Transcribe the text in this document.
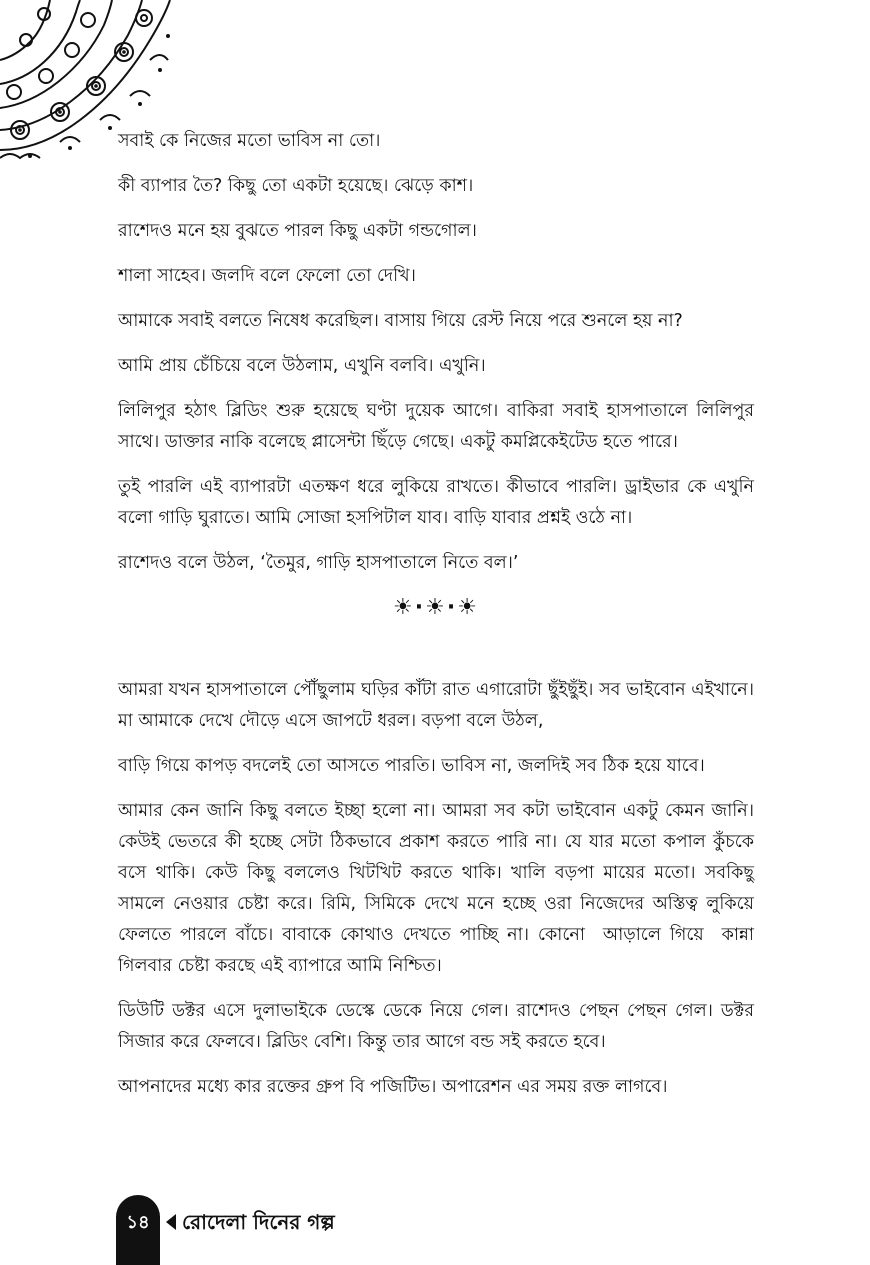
সবাই কে নিজের মতো ভাবিস না তো।

কী ব্যাপার তৈ? কিছু তো একটা হয়েছে। ঝেড়ে কাশ।

রাশেদও মনে হয় বুঝতে পারল কিছু একটা গন্ডগোল।

শালা সাহেব। জলদি বলে ফেলো তো দেখি।

আমাকে সবাই বলতে নিষেধ করেছিল। বাসায় গিয়ে রেস্ট নিয়ে পরে শুনলে হয় না?

আমি প্রায় চেঁচিয়ে বলে উঠলাম, এখুনি বলবি। এখুনি।

লিলিপুর হঠাৎ ব্লিডিং শুরু হয়েছে ঘণ্টা দুয়েক আগে। বাকিরা সবাই হাসপাতালে লিলিপুর সাথে। ডাক্তার নাকি বলেছে প্লাসেন্টা ছিঁড়ে গেছে। একটু কমপ্লিকেইটেড হতে পারে।

তুই পারলি এই ব্যাপারটা এতক্ষণ ধরে লুকিয়ে রাখতে। কীভাবে পারলি। ড্রাইভার কে এখুনি বলো গাড়ি ঘুরাতে। আমি সোজা হসপিটাল যাব। বাড়ি যাবার প্রশ্নই ওঠে না।

রাশেদও বলে উঠল, ‘তৈমুর, গাড়ি হাসপাতালে নিতে বল।’

☀·☀·☀

আমরা যখন হাসপাতালে পৌঁছুলাম ঘড়ির কাঁটা রাত এগারোটা ছুঁইছুঁই। সব ভাইবোন এইখানে। মা আমাকে দেখে দৌড়ে এসে জাপটে ধরল। বড়পা বলে উঠল,

বাড়ি গিয়ে কাপড় বদলেই তো আসতে পারতি। ভাবিস না, জলদিই সব ঠিক হয়ে যাবে।

আমার কেন জানি কিছু বলতে ইচ্ছা হলো না। আমরা সব কটা ভাইবোন একটু কেমন জানি। কেউই ভেতরে কী হচ্ছে সেটা ঠিকভাবে প্রকাশ করতে পারি না। যে যার মতো কপাল কুঁচকে বসে থাকি। কেউ কিছু বললেও খিটখিট করতে থাকি। খালি বড়পা মায়ের মতো। সবকিছু সামলে নেওয়ার চেষ্টা করে। রিমি, সিমিকে দেখে মনে হচ্ছে ওরা নিজেদের অস্তিত্ব লুকিয়ে ফেলতে পারলে বাঁচে। বাবাকে কোথাও দেখতে পাচ্ছি না। কোনো  আড়ালে গিয়ে  কান্না গিলবার চেষ্টা করছে এই ব্যাপারে আমি নিশ্চিত।

ডিউটি ডক্টর এসে দুলাভাইকে ডেস্কে ডেকে নিয়ে গেল। রাশেদও পেছন পেছন গেল। ডক্টর সিজার করে ফেলবে। ব্লিডিং বেশি। কিন্তু তার আগে বন্ড সই করতে হবে।

আপনাদের মধ্যে কার রক্তের গ্রুপ বি পজিটিভ। অপারেশন এর সময় রক্ত লাগবে।

১৪	রোদেলা দিনের গল্প
